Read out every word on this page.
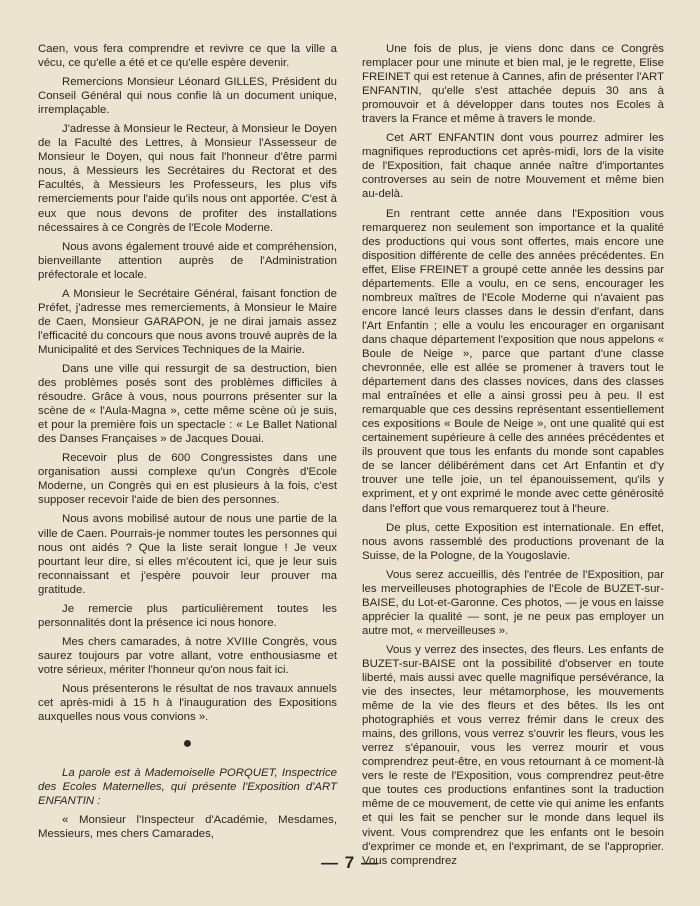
Caen, vous fera comprendre et revivre ce que la ville a vécu, ce qu'elle a été et ce qu'elle espère devenir.

Remercions Monsieur Léonard GILLES, Président du Conseil Général qui nous confie là un document unique, irremplaçable.

J'adresse à Monsieur le Recteur, à Monsieur le Doyen de la Faculté des Lettres, à Monsieur l'Assesseur de Monsieur le Doyen, qui nous fait l'honneur d'être parmi nous, à Messieurs les Secrétaires du Rectorat et des Facultés, à Messieurs les Professeurs, les plus vifs remerciements pour l'aide qu'ils nous ont apportée. C'est à eux que nous devons de profiter des installations nécessaires à ce Congrès de l'Ecole Moderne.

Nous avons également trouvé aide et compréhension, bienveillante attention auprès de l'Administration préfectorale et locale.

A Monsieur le Secrétaire Général, faisant fonction de Préfet, j'adresse mes remerciements, à Monsieur le Maire de Caen, Monsieur GARAPON, je ne dirai jamais assez l'efficacité du concours que nous avons trouvé auprès de la Municipalité et des Services Techniques de la Mairie.

Dans une ville qui ressurgit de sa destruction, bien des problèmes posés sont des problèmes difficiles à résoudre. Grâce à vous, nous pourrons présenter sur la scène de « l'Aula-Magna », cette même scène où je suis, et pour la première fois un spectacle : « Le Ballet National des Danses Françaises » de Jacques Douai.

Recevoir plus de 600 Congressistes dans une organisation aussi complexe qu'un Congrès d'Ecole Moderne, un Congrès qui en est plusieurs à la fois, c'est supposer recevoir l'aide de bien des personnes.

Nous avons mobilisé autour de nous une partie de la ville de Caen. Pourrais-je nommer toutes les personnes qui nous ont aidés ? Que la liste serait longue ! Je veux pourtant leur dire, si elles m'écoutent ici, que je leur suis reconnaissant et j'espère pouvoir leur prouver ma gratitude.

Je remercie plus particulièrement toutes les personnalités dont la présence ici nous honore.

Mes chers camarades, à notre XVIIIe Congrès, vous saurez toujours par votre allant, votre enthousiasme et votre sérieux, mériter l'honneur qu'on nous fait ici.

Nous présenterons le résultat de nos travaux annuels cet après-midi à 15 h à l'inauguration des Expositions auxquelles nous vous convions ».

●

La parole est à Mademoiselle PORQUET, Inspectrice des Ecoles Maternelles, qui présente l'Exposition d'ART ENFANTIN :

« Monsieur l'Inspecteur d'Académie, Mesdames, Messieurs, mes chers Camarades,

Une fois de plus, je viens donc dans ce Congrès remplacer pour une minute et bien mal, je le regrette, Elise FREINET qui est retenue à Cannes, afin de présenter l'ART ENFANTIN, qu'elle s'est attachée depuis 30 ans à promouvoir et à développer dans toutes nos Ecoles à travers la France et même à travers le monde.

Cet ART ENFANTIN dont vous pourrez admirer les magnifiques reproductions cet après-midi, lors de la visite de l'Exposition, fait chaque année naître d'importantes controverses au sein de notre Mouvement et même bien au-delà.

En rentrant cette année dans l'Exposition vous remarquerez non seulement son importance et la qualité des productions qui vous sont offertes, mais encore une disposition différente de celle des années précédentes. En effet, Elise FREINET a groupé cette année les dessins par départements. Elle a voulu, en ce sens, encourager les nombreux maîtres de l'Ecole Moderne qui n'avaient pas encore lancé leurs classes dans le dessin d'enfant, dans l'Art Enfantin ; elle a voulu les encourager en organisant dans chaque département l'exposition que nous appelons « Boule de Neige », parce que partant d'une classe chevronnée, elle est allée se promener à travers tout le département dans des classes novices, dans des classes mal entraînées et elle a ainsi grossi peu à peu. Il est remarquable que ces dessins représentant essentiellement ces expositions « Boule de Neige », ont une qualité qui est certainement supérieure à celle des années précédentes et ils prouvent que tous les enfants du monde sont capables de se lancer délibérément dans cet Art Enfantin et d'y trouver une telle joie, un tel épanouissement, qu'ils y expriment, et y ont exprimé le monde avec cette générosité dans l'effort que vous remarquerez tout à l'heure.

De plus, cette Exposition est internationale. En effet, nous avons rassemblé des productions provenant de la Suisse, de la Pologne, de la Yougoslavie.

Vous serez accueillis, dès l'entrée de l'Exposition, par les merveilleuses photographies de l'Ecole de BUZET-sur-BAISE, du Lot-et-Garonne. Ces photos, — je vous en laisse apprécier la qualité — sont, je ne peux pas employer un autre mot, « merveilleuses ».

Vous y verrez des insectes, des fleurs. Les enfants de BUZET-sur-BAISE ont la possibilité d'observer en toute liberté, mais aussi avec quelle magnifique persévérance, la vie des insectes, leur métamorphose, les mouvements même de la vie des fleurs et des bêtes. Ils les ont photographiés et vous verrez frémir dans le creux des mains, des grillons, vous verrez s'ouvrir les fleurs, vous les verrez s'épanouir, vous les verrez mourir et vous comprendrez peut-être, en vous retournant à ce moment-là vers le reste de l'Exposition, vous comprendrez peut-être que toutes ces productions enfantines sont la traduction même de ce mouvement, de cette vie qui anime les enfants et qui les fait se pencher sur le monde dans lequel ils vivent. Vous comprendrez que les enfants ont le besoin d'exprimer ce monde et, en l'exprimant, de se l'approprier. Vous comprendrez

— 7 —
